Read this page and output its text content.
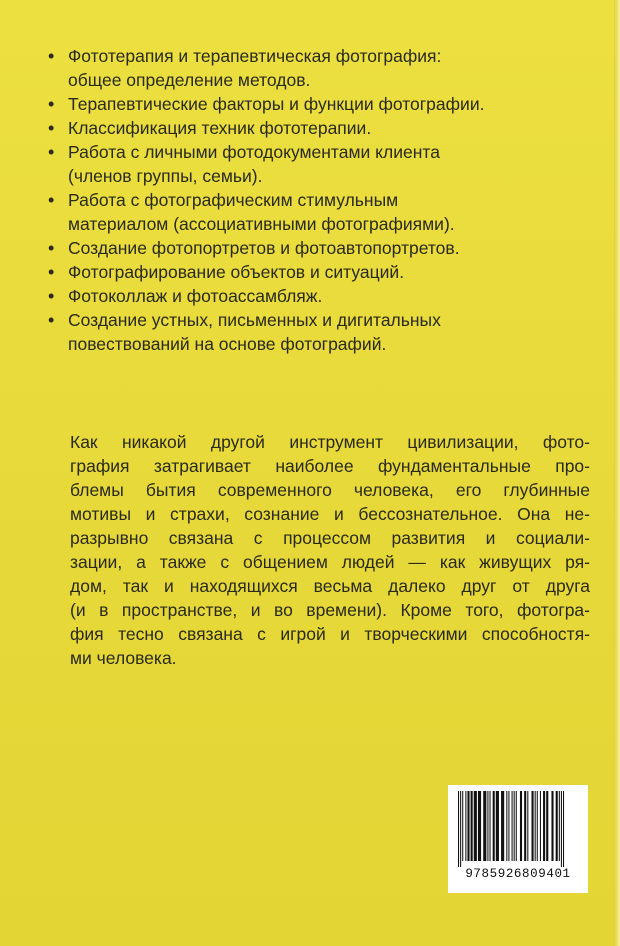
• Фототерапия и терапевтическая фотография:
общее определение методов.
• Терапевтические факторы и функции фотографии.
• Классификация техник фототерапии.
• Работа с личными фотодокументами клиента
(членов группы, семьи).
• Работа с фотографическим стимульным
материалом (ассоциативными фотографиями).
• Создание фотопортретов и фотоавтопортретов.
• Фотографирование объектов и ситуаций.
• Фотоколлаж и фотоассамбляж.
• Создание устных, письменных и дигитальных
повествований на основе фотографий.

Как никакой другой инструмент цивилизации, фото-
графия затрагивает наиболее фундаментальные про-
блемы бытия современного человека, его глубинные
мотивы и страхи, сознание и бессознательное. Она не-
разрывно связана с процессом развития и социали-
зации, а также с общением людей — как живущих ря-
дом, так и находящихся весьма далеко друг от друга
(и в пространстве, и во времени). Кроме того, фотогра-
фия тесно связана с игрой и творческими способностя-
ми человека.

9785926809401
